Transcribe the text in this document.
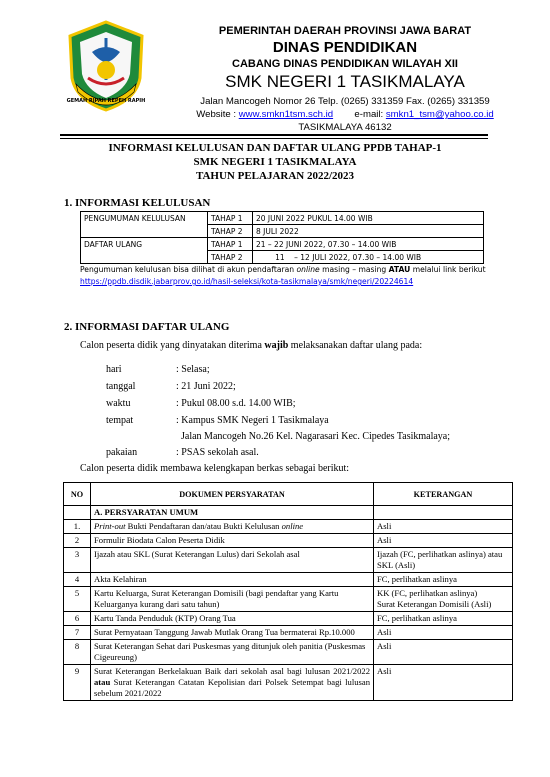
GEMAH RIPAH REPEH RAPIH
PEMERINTAH DAERAH PROVINSI JAWA BARAT
DINAS PENDIDIKAN
CABANG DINAS PENDIDIKAN WILAYAH XII
SMK NEGERI 1 TASIKMALAYA
Jalan Mancogeh Nomor 26 Telp. (0265) 331359 Fax. (0265) 331359
Website : www.smkn1tsm.sch.id e-mail: smkn1_tsm@yahoo.co.id
TASIKMALAYA 46132
INFORMASI KELULUSAN DAN DAFTAR ULANG PPDB TAHAP-1
SMK NEGERI 1 TASIKMALAYA
TAHUN PELAJARAN 2022/2023
1. INFORMASI KELULUSAN
PENGUMUMAN KELULUSAN	TAHAP 1	20 JUNI 2022 PUKUL 14.00 WIB
	TAHAP 2	8 JULI 2022
DAFTAR ULANG	TAHAP 1	21 – 22 JUNI 2022, 07.30 – 14.00 WIB
	TAHAP 2	11    – 12 JULI 2022, 07.30 – 14.00 WIB
Pengumuman kelulusan bisa dilihat di akun pendaftaran online masing – masing ATAU melalui link berikut https://ppdb.disdik.jabarprov.go.id/hasil-seleksi/kota-tasikmalaya/smk/negeri/20224614
2. INFORMASI DAFTAR ULANG
Calon peserta didik yang dinyatakan diterima wajib melaksanakan daftar ulang pada:
hari	: Selasa;
tanggal	: 21 Juni 2022;
waktu	: Pukul 08.00 s.d. 14.00 WIB;
tempat	: Kampus SMK Negeri 1 Tasikmalaya
Jalan Mancogeh No.26 Kel. Nagarasari Kec. Cipedes Tasikmalaya;
pakaian	: PSAS sekolah asal.
Calon peserta didik membawa kelengkapan berkas sebagai berikut:
NO	DOKUMEN PERSYARATAN	KETERANGAN
	A. PERSYARATAN UMUM	
1.	Print-out Bukti Pendaftaran dan/atau Bukti Kelulusan online	Asli
2	Formulir Biodata Calon Peserta Didik	Asli
3	Ijazah atau SKL (Surat Keterangan Lulus) dari Sekolah asal	Ijazah (FC, perlihatkan aslinya) atau SKL (Asli)
4	Akta Kelahiran	FC, perlihatkan aslinya
5	Kartu Keluarga, Surat Keterangan Domisili (bagi pendaftar yang Kartu Keluarganya kurang dari satu tahun)	KK (FC, perlihatkan aslinya)
Surat Keterangan Domisili (Asli)

6	Kartu Tanda Penduduk (KTP) Orang Tua	FC, perlihatkan aslinya
7	Surat Pernyataan Tanggung Jawab Mutlak Orang Tua bermaterai Rp.10.000	Asli
8	Surat Keterangan Sehat dari Puskesmas yang ditunjuk oleh panitia (Puskesmas Cigeureung)	Asli
9	Surat Keterangan Berkelakuan Baik dari sekolah asal bagi lulusan 2021/2022 atau Surat Keterangan Catatan Kepolisian dari Polsek Setempat bagi lulusan sebelum 2021/2022	Asli
